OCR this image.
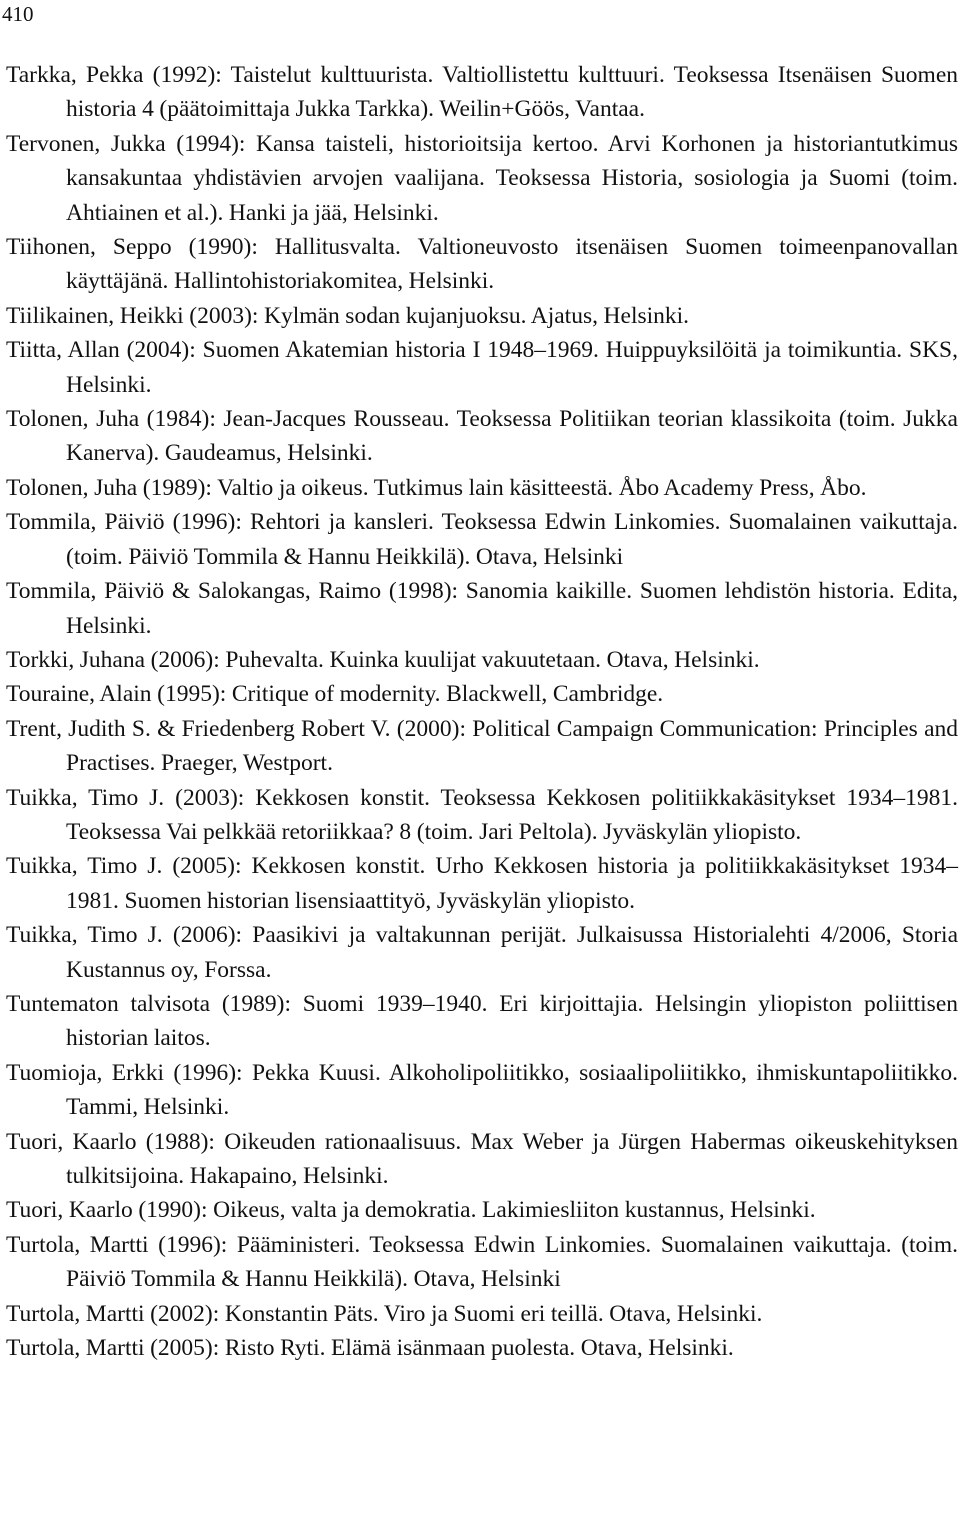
410
Tarkka, Pekka (1992): Taistelut kulttuurista. Valtiollistettu kulttuuri. Teoksessa Itsenäisen Suomen historia 4 (päätoimittaja Jukka Tarkka). Weilin+Göös, Vantaa.
Tervonen, Jukka (1994): Kansa taisteli, historioitsija kertoo. Arvi Korhonen ja historiantutkimus kansakuntaa yhdistävien arvojen vaalijana. Teoksessa Historia, sosiologia ja Suomi (toim. Ahtiainen et al.). Hanki ja jää, Helsinki.
Tiihonen, Seppo (1990): Hallitusvalta. Valtioneuvosto itsenäisen Suomen toimeenpanovallan käyttäjänä. Hallintohistoriakomitea, Helsinki.
Tiilikainen, Heikki (2003): Kylmän sodan kujanjuoksu. Ajatus, Helsinki.
Tiitta, Allan (2004): Suomen Akatemian historia I 1948–1969. Huippuyksilöitä ja toimikuntia. SKS, Helsinki.
Tolonen, Juha (1984): Jean-Jacques Rousseau. Teoksessa Politiikan teorian klassikoita (toim. Jukka Kanerva). Gaudeamus, Helsinki.
Tolonen, Juha (1989): Valtio ja oikeus. Tutkimus lain käsitteestä. Åbo Academy Press, Åbo.
Tommila, Päiviö (1996): Rehtori ja kansleri. Teoksessa Edwin Linkomies. Suomalainen vaikuttaja. (toim. Päiviö Tommila & Hannu Heikkilä). Otava, Helsinki
Tommila, Päiviö & Salokangas, Raimo (1998): Sanomia kaikille. Suomen lehdistön historia. Edita, Helsinki.
Torkki, Juhana (2006): Puhevalta. Kuinka kuulijat vakuutetaan. Otava, Helsinki.
Touraine, Alain (1995): Critique of modernity. Blackwell, Cambridge.
Trent, Judith S. & Friedenberg Robert V. (2000): Political Campaign Communication: Principles and Practises. Praeger, Westport.
Tuikka, Timo J. (2003): Kekkosen konstit. Teoksessa Kekkosen politiikkakäsitykset 1934–1981. Teoksessa Vai pelkkää retoriikkaa? 8 (toim. Jari Peltola). Jyväskylän yliopisto.
Tuikka, Timo J. (2005): Kekkosen konstit. Urho Kekkosen historia ja politiikkakäsitykset 1934–1981. Suomen historian lisensiaattityö, Jyväskylän yliopisto.
Tuikka, Timo J. (2006): Paasikivi ja valtakunnan perijät. Julkaisussa Historialehti 4/2006, Storia Kustannus oy, Forssa.
Tuntematon talvisota (1989): Suomi 1939–1940. Eri kirjoittajia. Helsingin yliopiston poliittisen historian laitos.
Tuomioja, Erkki (1996): Pekka Kuusi. Alkoholipoliitikko, sosiaalipoliitikko, ihmiskuntapoliitikko. Tammi, Helsinki.
Tuori, Kaarlo (1988): Oikeuden rationaalisuus. Max Weber ja Jürgen Habermas oikeuskehityksen tulkitsijoina. Hakapaino, Helsinki.
Tuori, Kaarlo (1990): Oikeus, valta ja demokratia. Lakimiesliiton kustannus, Helsinki.
Turtola, Martti (1996): Pääministeri. Teoksessa Edwin Linkomies. Suomalainen vaikuttaja. (toim. Päiviö Tommila & Hannu Heikkilä). Otava, Helsinki
Turtola, Martti (2002): Konstantin Päts. Viro ja Suomi eri teillä. Otava, Helsinki.
Turtola, Martti (2005): Risto Ryti. Elämä isänmaan puolesta. Otava, Helsinki.
